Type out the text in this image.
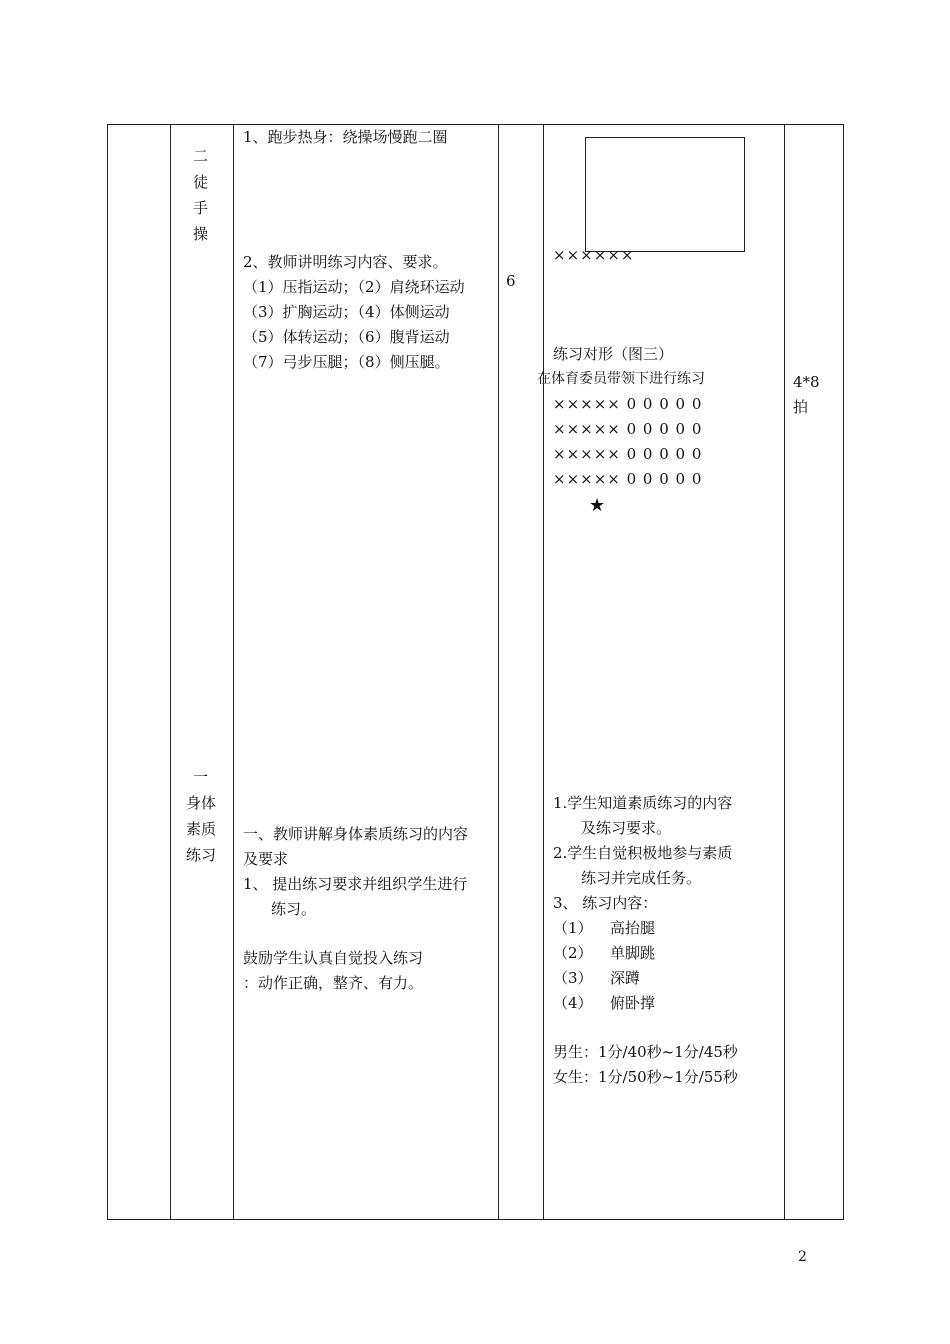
二
徒
手
操
一
身体
素质
练习
1、跑步热身：绕操场慢跑二圈
2、教师讲明练习内容、要求。
（1）压指运动；（2）肩绕环运动
（3）扩胸运动；（4）体侧运动
（5）体转运动；（6）腹背运动
（7）弓步压腿；（8）侧压腿。
一、教师讲解身体素质练习的内容
及要求
1、 提出练习要求并组织学生进行
练习。
鼓励学生认真自觉投入练习
：动作正确，整齐、有力。
6
××××××
练习对形（图三）
在体育委员带领下进行练习
××××× 0 0 0 0 0
××××× 0 0 0 0 0
××××× 0 0 0 0 0
××××× 0 0 0 0 0
★
1.学生知道素质练习的内容
及练习要求。
2.学生自觉积极地参与素质
练习并完成任务。
3、 练习内容：
（1） 高抬腿
（2） 单脚跳
（3） 深蹲
（4） 俯卧撑
男生：1分/40秒~1分/45秒
女生：1分/50秒~1分/55秒
4*8
拍
2
